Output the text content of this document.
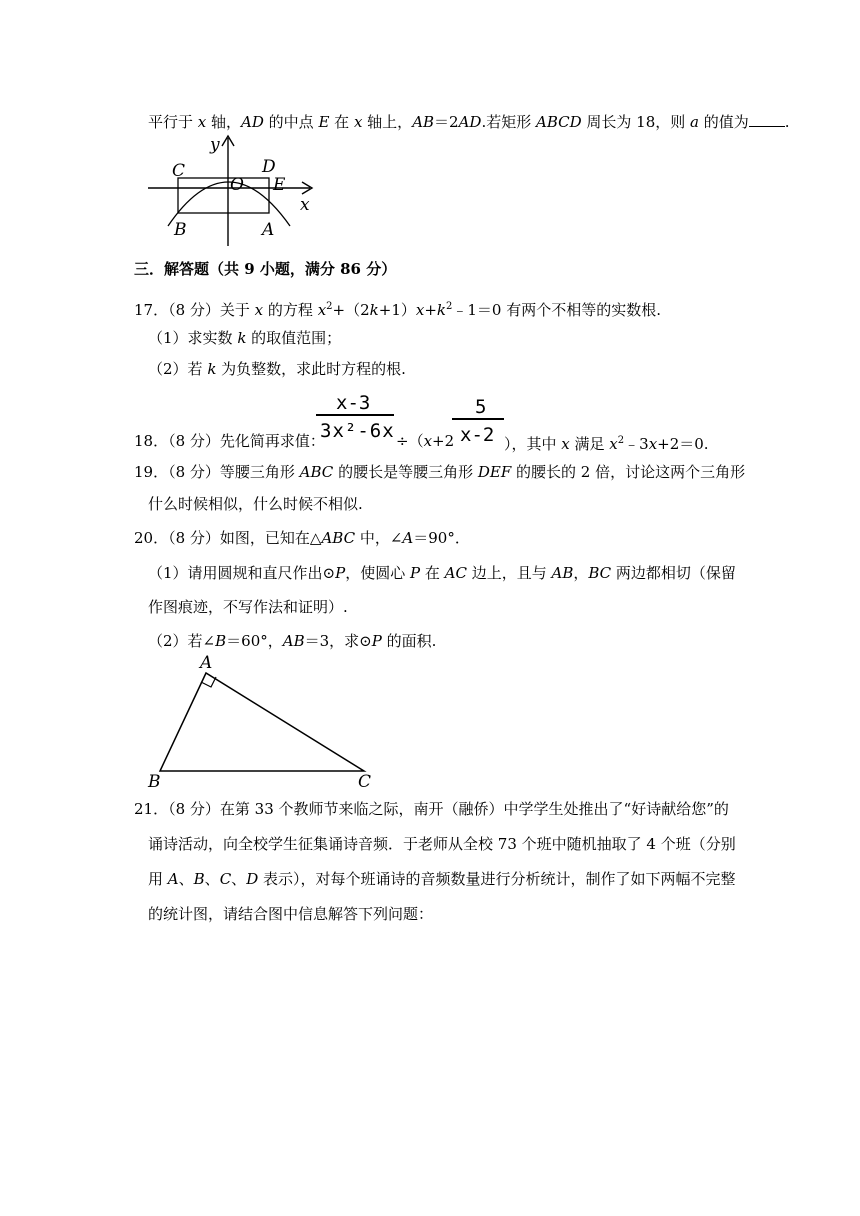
平行于 x 轴，AD 的中点 E 在 x 轴上，AB＝2AD.若矩形 ABCD 周长为 18，则 a 的值为 .
C
y
D
O E
x
B	A
三．解答题（共 9 小题，满分 86 分）
17．（8 分）关于 x 的方程 $x^2+(2k+1)x+k^2﹣1=0$ 有两个不相等的实数根.
（1）求实数 k 的取值范围；
（2）若 k 为负整数，求此时方程的根.
x-3
3x²-6x
5
x-2
18．（8 分）先化简再求值：	÷（x+2	），其中 x 满足 $x^2﹣3x+2=0$.
19．（8 分）等腰三角形 ABC 的腰长是等腰三角形 DEF 的腰长的 2 倍，讨论这两个三角形
什么时候相似，什么时候不相似.
20．（8 分）如图，已知在△ABC 中，∠A＝90°．
（1）请用圆规和直尺作出⊙P，使圆心 P 在 AC 边上，且与 AB，BC 两边都相切（保留
作图痕迹，不写作法和证明）.
（2）若∠B＝60°，AB＝3，求⊙P 的面积.
A
B	C
21．（8 分）在第 33 个教师节来临之际，南开（融侨）中学学生处推出了“好诗献给您”的
诵诗活动，向全校学生征集诵诗音频．于老师从全校 73 个班中随机抽取了 4 个班（分别
用 A、B、C、D 表示），对每个班诵诗的音频数量进行分析统计，制作了如下两幅不完整
的统计图，请结合图中信息解答下列问题：
